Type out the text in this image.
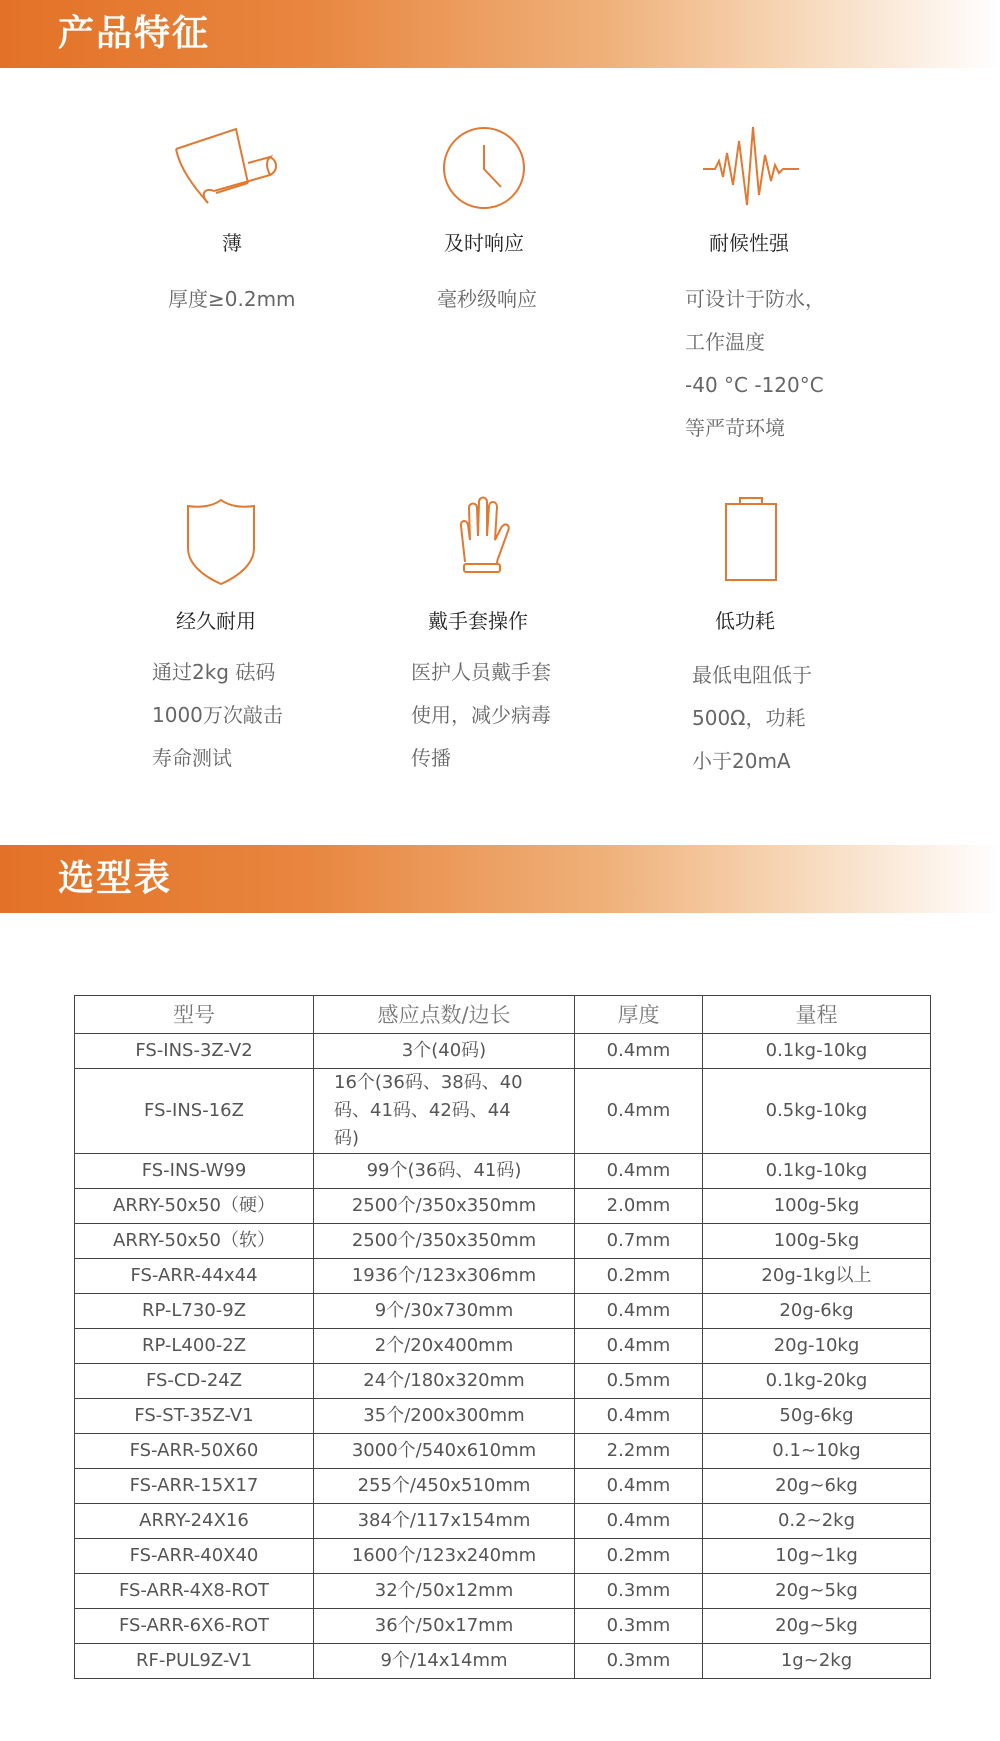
产品特征
薄
厚度≥0.2mm
及时响应
毫秒级响应
耐候性强
可设计于防水，
工作温度
-40 °C -120°C
等严苛环境
经久耐用
通过2kg 砝码
1000万次敲击
寿命测试
戴手套操作
医护人员戴手套
使用，减少病毒
传播
低功耗
最低电阻低于
500Ω，功耗
小于20mA
选型表
型号	感应点数/边长	厚度	量程
FS-INS-3Z-V2	3个(40码)	0.4mm	0.1kg-10kg
FS-INS-16Z	16个(36码、38码、40码、41码、42码、44码)	0.4mm	0.5kg-10kg
FS-INS-W99	99个(36码、41码)	0.4mm	0.1kg-10kg
ARRY-50x50（硬）	2500个/350x350mm	2.0mm	100g-5kg
ARRY-50x50（软）	2500个/350x350mm	0.7mm	100g-5kg
FS-ARR-44x44	1936个/123x306mm	0.2mm	20g-1kg以上
RP-L730-9Z	9个/30x730mm	0.4mm	20g-6kg
RP-L400-2Z	2个/20x400mm	0.4mm	20g-10kg
FS-CD-24Z	24个/180x320mm	0.5mm	0.1kg-20kg
FS-ST-35Z-V1	35个/200x300mm	0.4mm	50g-6kg
FS-ARR-50X60	3000个/540x610mm	2.2mm	0.1~10kg
FS-ARR-15X17	255个/450x510mm	0.4mm	20g~6kg
ARRY-24X16	384个/117x154mm	0.4mm	0.2~2kg
FS-ARR-40X40	1600个/123x240mm	0.2mm	10g~1kg
FS-ARR-4X8-ROT	32个/50x12mm	0.3mm	20g~5kg
FS-ARR-6X6-ROT	36个/50x17mm	0.3mm	20g~5kg
RF-PUL9Z-V1	9个/14x14mm	0.3mm	1g~2kg
